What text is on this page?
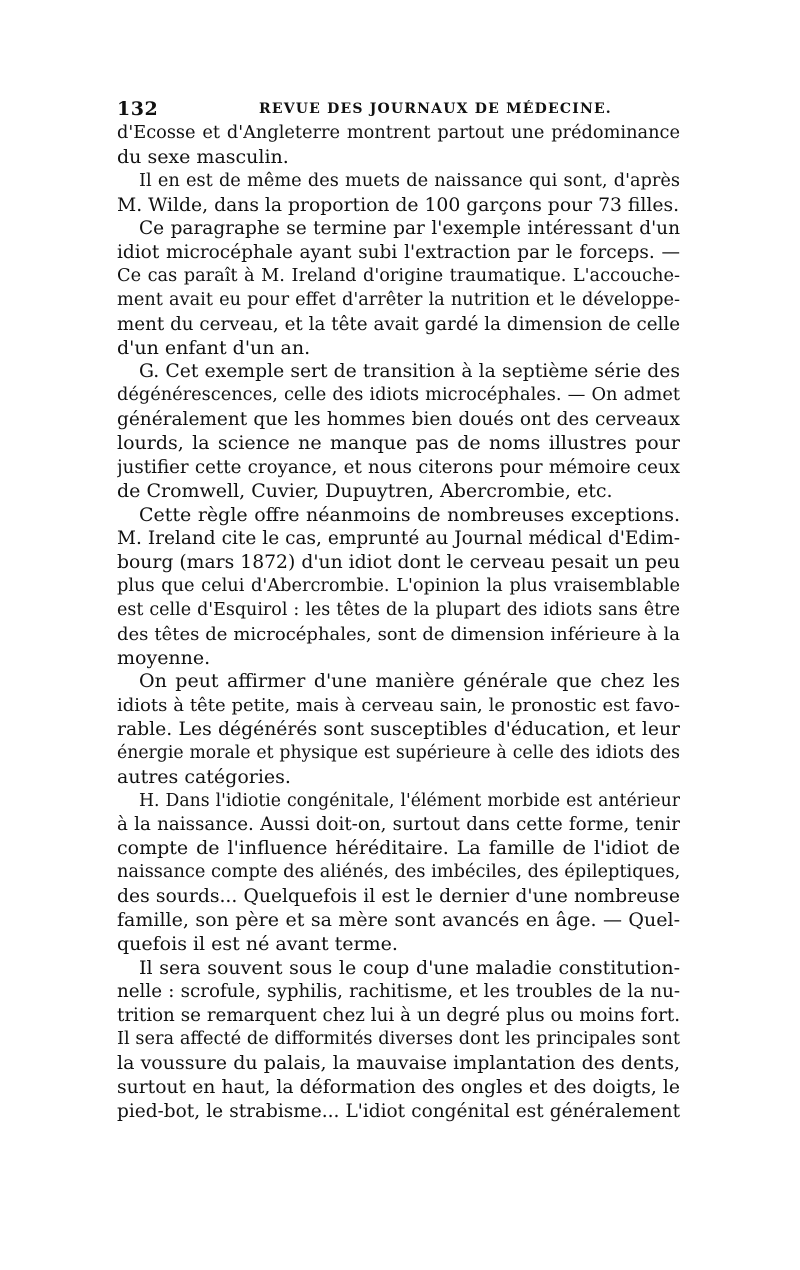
132	REVUE DES JOURNAUX DE MÉDECINE.
d'Ecosse et d'Angleterre montrent partout une prédominance
du sexe masculin.
Il en est de même des muets de naissance qui sont, d'après
M. Wilde, dans la proportion de 100 garçons pour 73 filles.
Ce paragraphe se termine par l'exemple intéressant d'un
idiot microcéphale ayant subi l'extraction par le forceps. —
Ce cas paraît à M. Ireland d'origine traumatique. L'accouche-
ment avait eu pour effet d'arrêter la nutrition et le développe-
ment du cerveau, et la tête avait gardé la dimension de celle
d'un enfant d'un an.
G. Cet exemple sert de transition à la septième série des
dégénérescences, celle des idiots microcéphales. — On admet
généralement que les hommes bien doués ont des cerveaux
lourds, la science ne manque pas de noms illustres pour
justifier cette croyance, et nous citerons pour mémoire ceux
de Cromwell, Cuvier, Dupuytren, Abercrombie, etc.
Cette règle offre néanmoins de nombreuses exceptions.
M. Ireland cite le cas, emprunté au Journal médical d'Edim-
bourg (mars 1872) d'un idiot dont le cerveau pesait un peu
plus que celui d'Abercrombie. L'opinion la plus vraisemblable
est celle d'Esquirol : les têtes de la plupart des idiots sans être
des têtes de microcéphales, sont de dimension inférieure à la
moyenne.
On peut affirmer d'une manière générale que chez les
idiots à tête petite, mais à cerveau sain, le pronostic est favo-
rable. Les dégénérés sont susceptibles d'éducation, et leur
énergie morale et physique est supérieure à celle des idiots des
autres catégories.
H. Dans l'idiotie congénitale, l'élément morbide est antérieur
à la naissance. Aussi doit-on, surtout dans cette forme, tenir
compte de l'influence héréditaire. La famille de l'idiot de
naissance compte des aliénés, des imbéciles, des épileptiques,
des sourds... Quelquefois il est le dernier d'une nombreuse
famille, son père et sa mère sont avancés en âge. — Quel-
quefois il est né avant terme.
Il sera souvent sous le coup d'une maladie constitution-
nelle : scrofule, syphilis, rachitisme, et les troubles de la nu-
trition se remarquent chez lui à un degré plus ou moins fort.
Il sera affecté de difformités diverses dont les principales sont
la voussure du palais, la mauvaise implantation des dents,
surtout en haut, la déformation des ongles et des doigts, le
pied-bot, le strabisme... L'idiot congénital est généralement
